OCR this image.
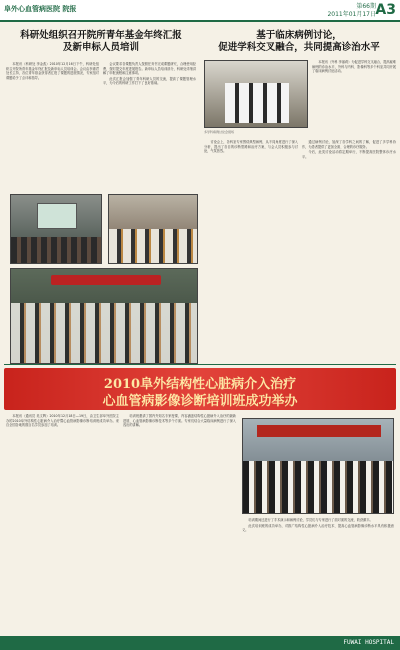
阜外心血管病医院 院报	第66期
2011年01月17日 A3
科研处组织召开院所青年基金年终汇报
及新申标人员培训

本报讯（科研处 李金彪）2010年12月16日下午，科研处组织召开院所青年基金年终汇报及新申标人员培训会。会议由李惠君处长主持，各位青年基金获得者汇报了课题的进展情况，专家组对课题给予了点评和指导。

会议要求各课题负责人按照任务书完成课题研究，合理使用经费，按时提交年度进展报告。新申标人员培训部分，科研处详细讲解了申报流程和注意事项。

此次汇报会加强了青年科研人员的交流，提高了课题管理水平，为今后的科研工作打下了良好基础。

基于临床病例讨论，
促进学科交叉融合，共同提高诊治水平
多学科病例讨论会现场

本报讯（外科 李丽莉）为促进学科交叉融合，提高疑难病例的诊治水平，外科与内科、影像科等多个科室共同开展了临床病例讨论活动。

讨论会上，各科室专家围绕典型病例，从不同角度进行了深入分析，提出了各自的诊断思路和治疗方案，与会人员积极参与讨论，气氛热烈。

通过病例讨论，加深了各学科之间的了解，促进了多学科协作，为患者提供了更加全面、合理的诊疗服务。

今后，此类讨论活动将定期举行，不断提高医院整体诊疗水平。

2010阜外结构性心脏病介入治疗
心血管病影像诊断培训班成功举办

本报讯（通讯员 吴文辉）2010年12月18日—19日，由卫生部阜外医院主办的2010阜外结构性心脏病介入治疗暨心血管病影像诊断培训班成功举办。来自全国各地的数百名学员参加了培训。

培训班邀请了国内外知名专家授课，内容涵盖结构性心脏病介入治疗的最新进展、心血管病影像诊断技术等多个方面。专家们结合大量临床病例进行了深入浅出的讲解。

培训期间还进行了手术演示和病例讨论，学员们与专家进行了面对面的交流，收获颇丰。

此次培训班的成功举办，对推广结构性心脏病介入治疗技术、提高心血管病影像诊断水平具有积极意义。

FUWAI HOSPITAL
